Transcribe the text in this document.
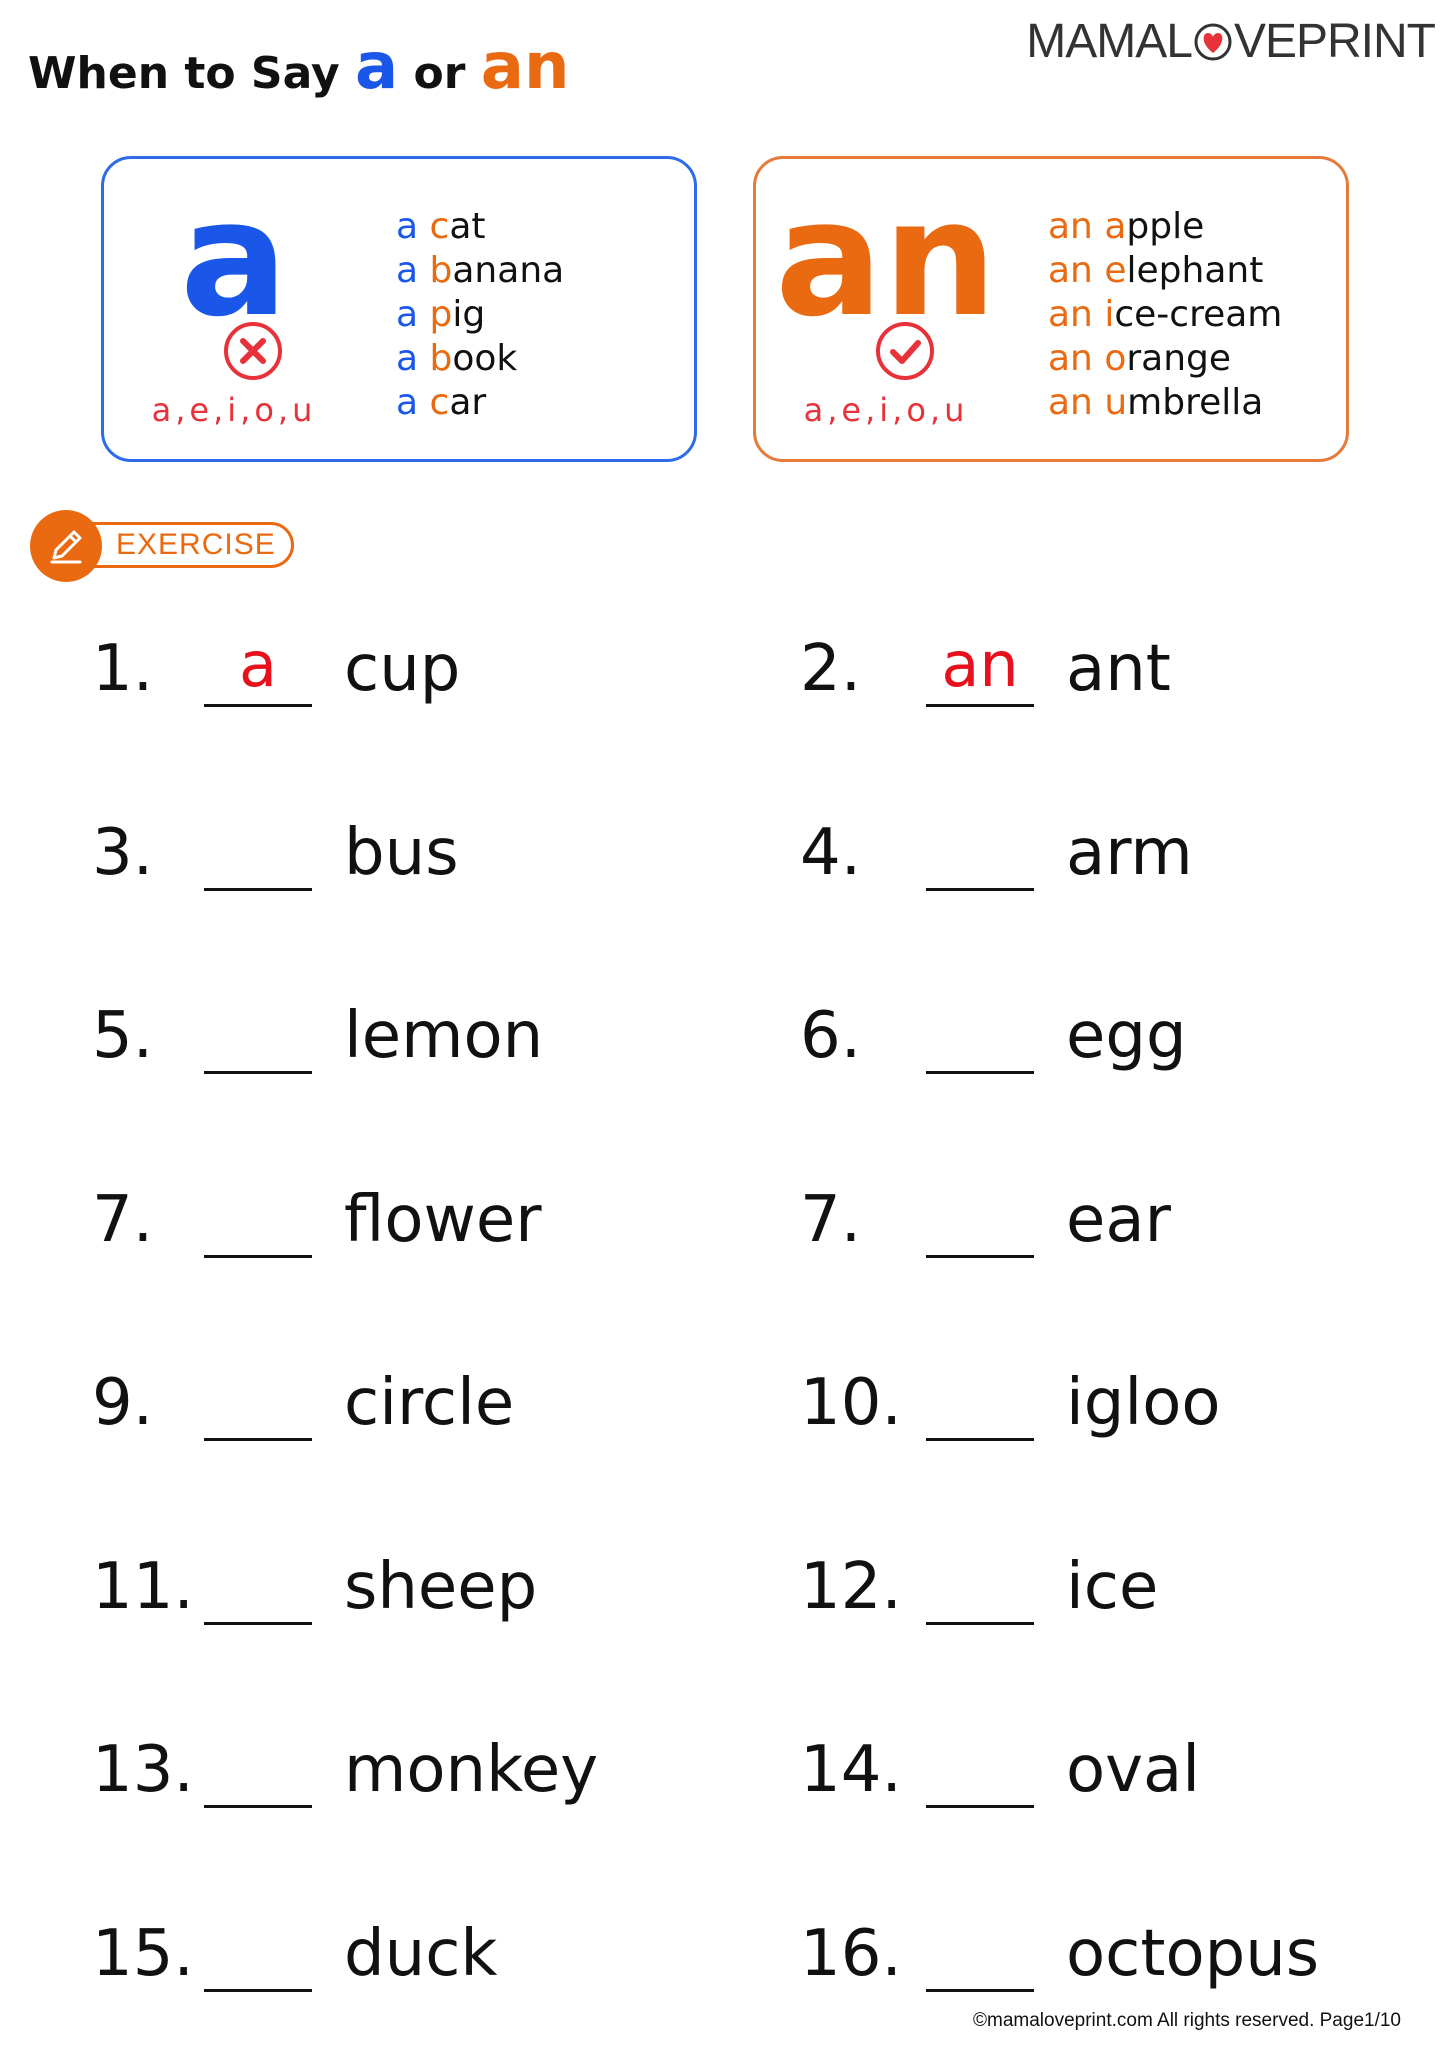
When to Say a or an	MAMAL VEPRINT
a
a,e,i,o,u
a cat
a banana
a pig
a book
a car
an
a,e,i,o,u
an apple
an elephant
an ice-cream
an orange
an umbrella
EXERCISE
1.	a	cup	2. an ant
3.	bus	4.	arm
5.	lemon	6.	egg
7.	flower	7.	ear
9.	circle	10.	igloo
11. sheep	12.	ice
13. monkey	14.	oval
15. duck	16.	octopus
©mamaloveprint.com All rights reserved. Page1/10
